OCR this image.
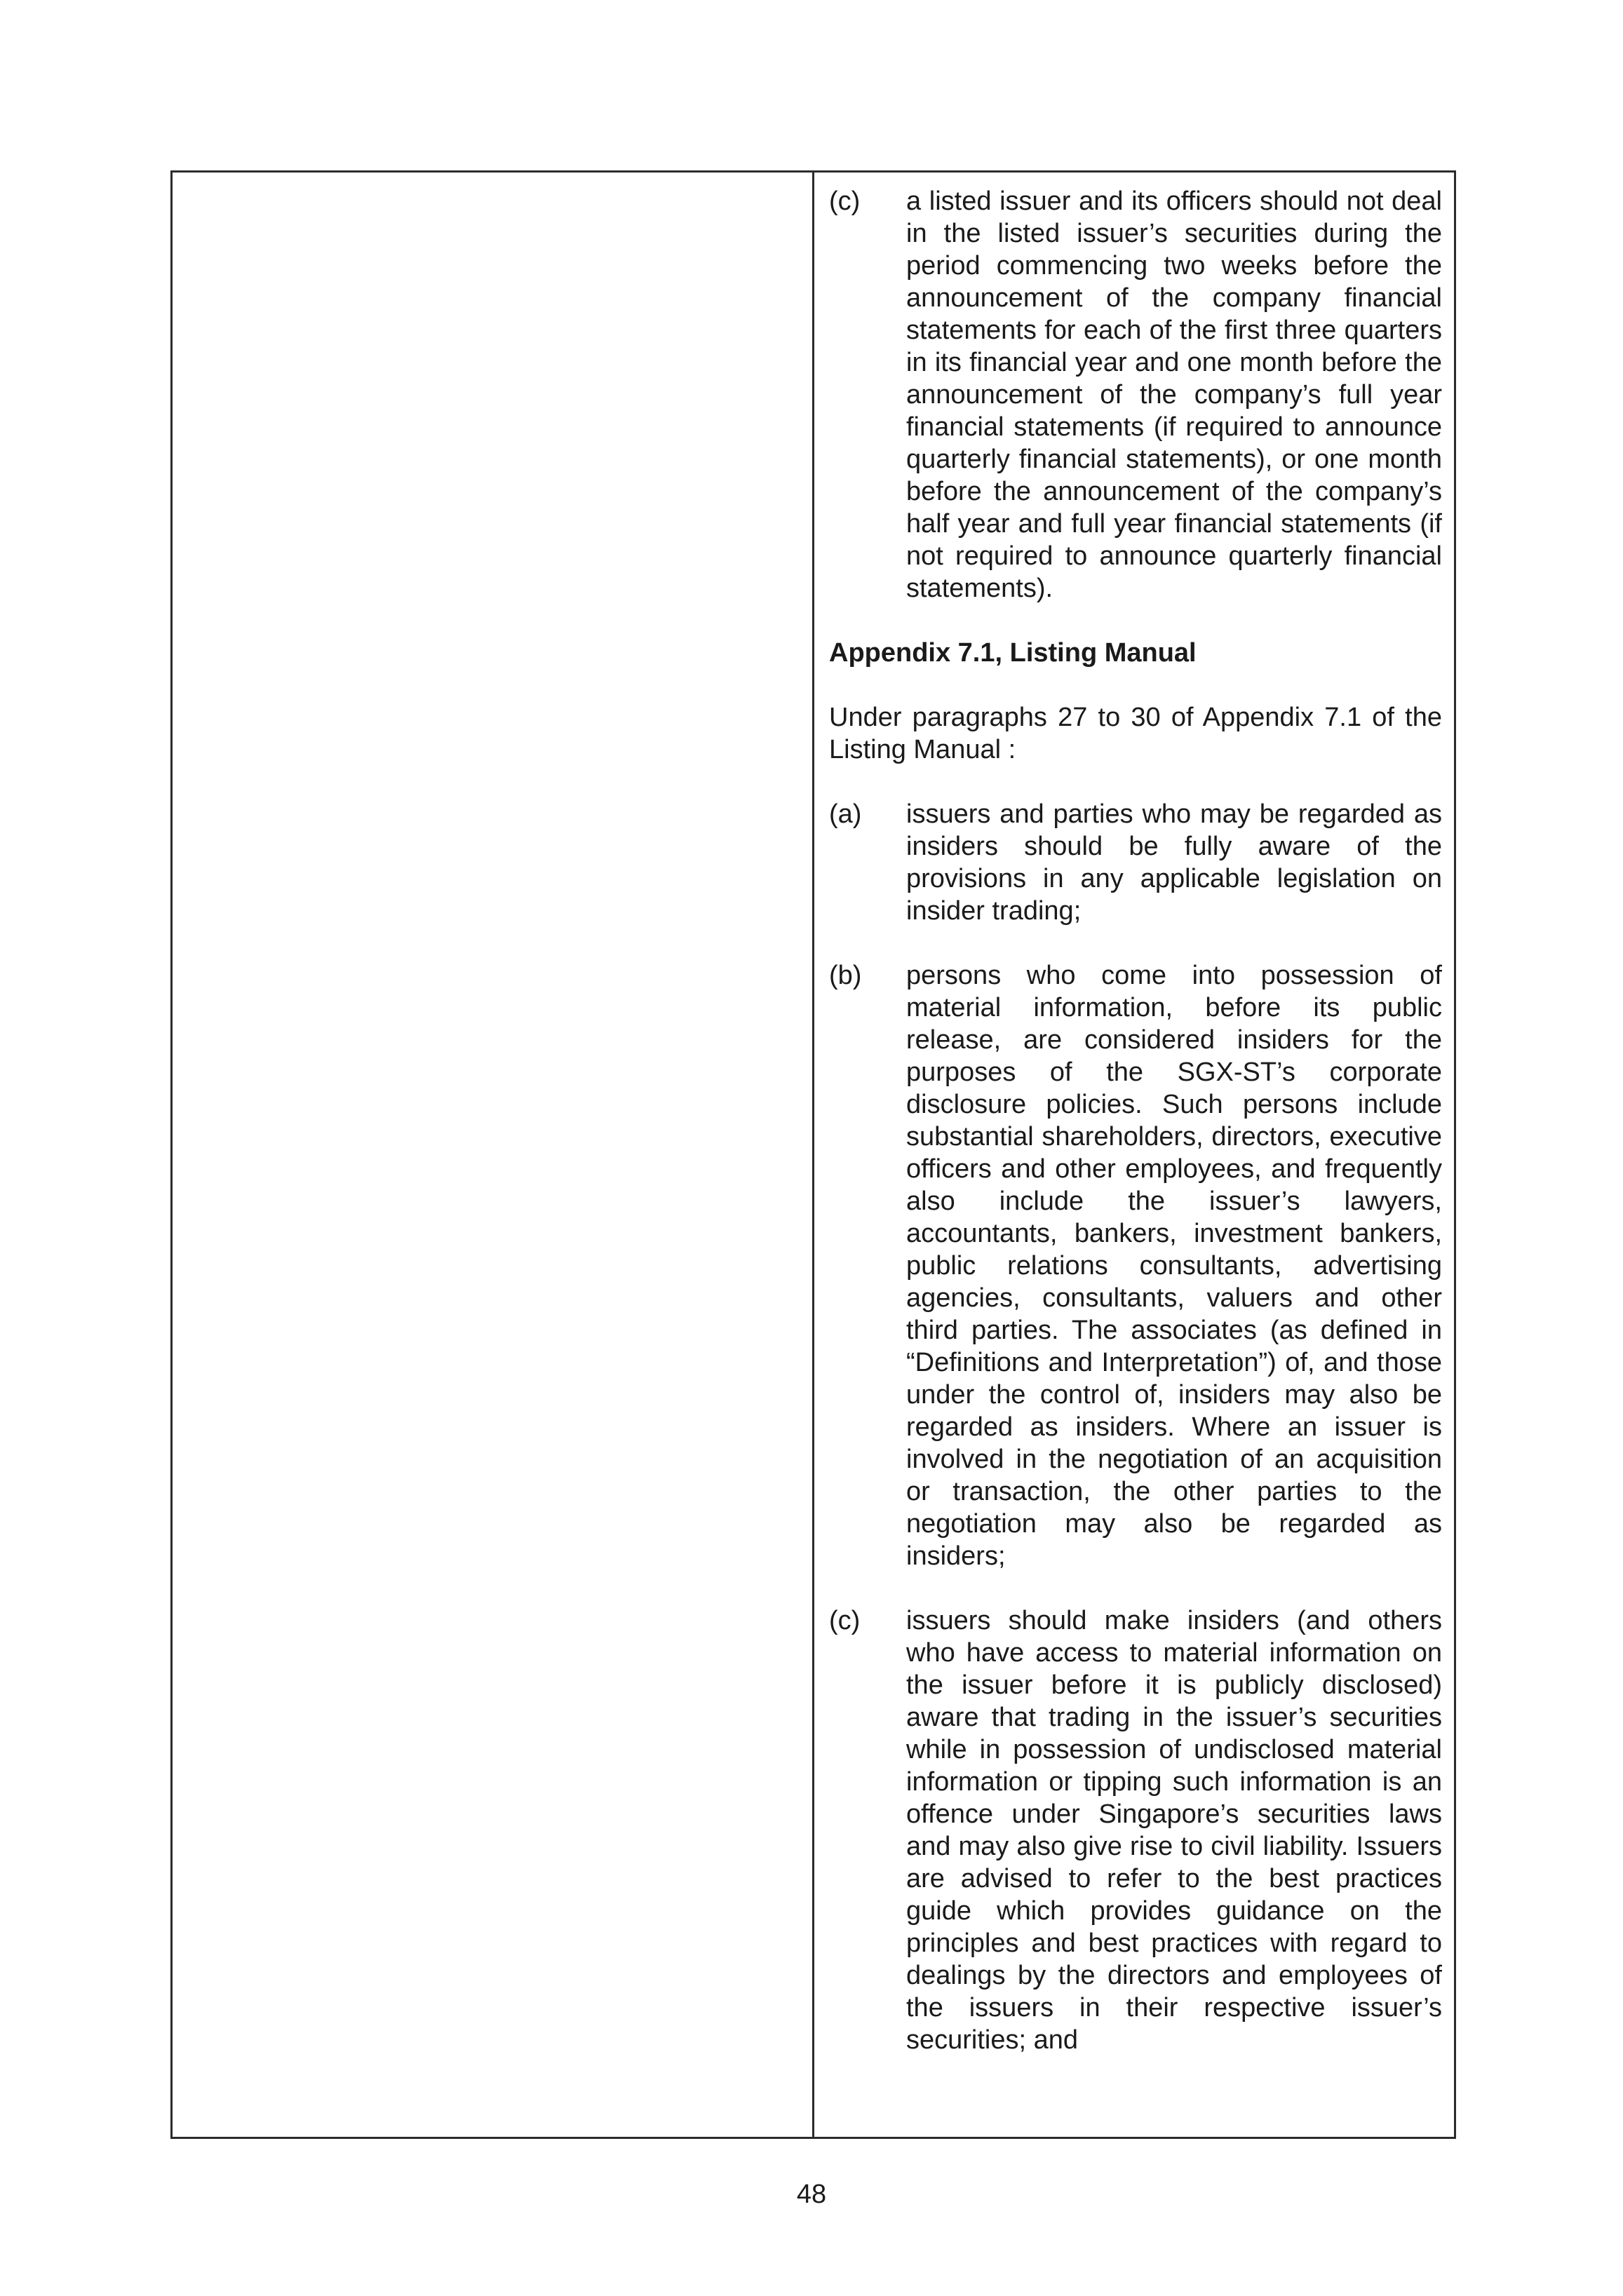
(c)	a listed issuer and its officers should not deal in the listed issuer’s securities during the period commencing two weeks before the announcement of the company financial statements for each of the first three quarters in its financial year and one month before the announcement of the company’s full year financial statements (if required to announce quarterly financial statements), or one month before the announcement of the company’s half year and full year financial statements (if not required to announce quarterly financial statements).
Appendix 7.1, Listing Manual
Under paragraphs 27 to 30 of Appendix 7.1 of the Listing Manual :
(a)	issuers and parties who may be regarded as insiders should be fully aware of the provisions in any applicable legislation on insider trading;
(b)	persons who come into possession of material information, before its public release, are considered insiders for the purposes of the SGX-ST’s corporate disclosure policies. Such persons include substantial shareholders, directors, executive officers and other employees, and frequently also include the issuer’s lawyers, accountants, bankers, investment bankers, public relations consultants, advertising agencies, consultants, valuers and other third parties. The associates (as defined in “Definitions and Interpretation”) of, and those under the control of, insiders may also be regarded as insiders. Where an issuer is involved in the negotiation of an acquisition or transaction, the other parties to the negotiation may also be regarded as insiders;
(c)	issuers should make insiders (and others who have access to material information on the issuer before it is publicly disclosed) aware that trading in the issuer’s securities while in possession of undisclosed material information or tipping such information is an offence under Singapore’s securities laws and may also give rise to civil liability. Issuers are advised to refer to the best practices guide which provides guidance on the principles and best practices with regard to dealings by the directors and employees of the issuers in their respective issuer’s securities; and
48
